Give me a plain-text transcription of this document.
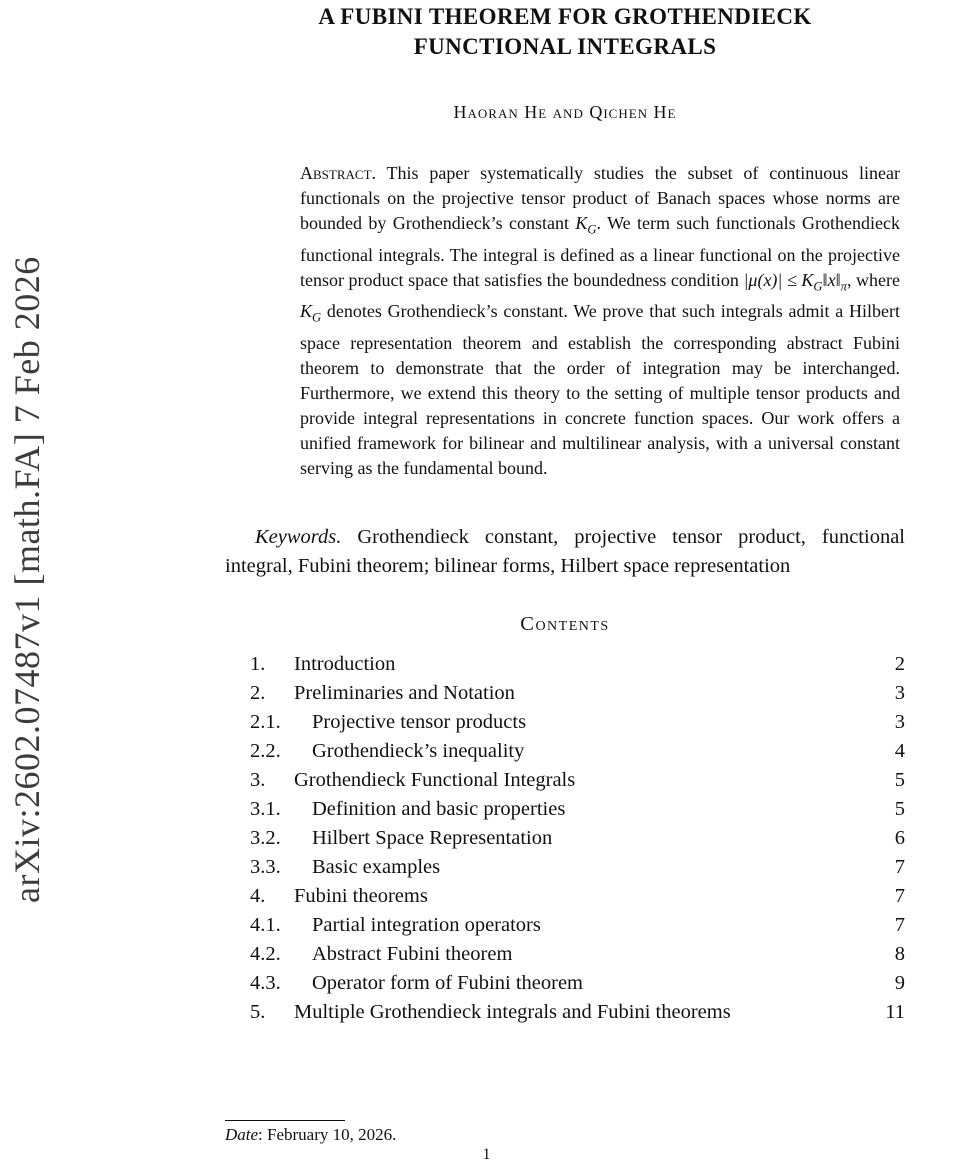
arXiv:2602.07487v1 [math.FA] 7 Feb 2026
A FUBINI THEOREM FOR GROTHENDIECK
FUNCTIONAL INTEGRALS
Haoran He and Qichen He
Abstract. This paper systematically studies the subset of continuous linear functionals on the projective tensor product of Banach spaces whose norms are bounded by Grothendieck’s constant $K_G$. We term such functionals Grothendieck functional integrals. The integral is defined as a linear functional on the projective tensor product space that satisfies the boundedness condition $|\mu(x)| \le K_G‖x‖_\pi$, where $K_G$ denotes Grothendieck’s constant. We prove that such integrals admit a Hilbert space representation theorem and establish the corresponding abstract Fubini theorem to demonstrate that the order of integration may be interchanged. Furthermore, we extend this theory to the setting of multiple tensor products and provide integral representations in concrete function spaces. Our work offers a unified framework for bilinear and multilinear analysis, with a universal constant serving as the fundamental bound.
Keywords. Grothendieck constant, projective tensor product, functional integral, Fubini theorem; bilinear forms, Hilbert space representation
Contents
1.	Introduction	2
2.	Preliminaries and Notation	3
2.1.	Projective tensor products	3
2.2.	Grothendieck’s inequality	4
3.	Grothendieck Functional Integrals	5
3.1.	Definition and basic properties	5
3.2.	Hilbert Space Representation	6
3.3.	Basic examples	7
4.	Fubini theorems	7
4.1.	Partial integration operators	7
4.2.	Abstract Fubini theorem	8
4.3.	Operator form of Fubini theorem	9
5.	Multiple Grothendieck integrals and Fubini theorems	11
Date: February 10, 2026.
1
